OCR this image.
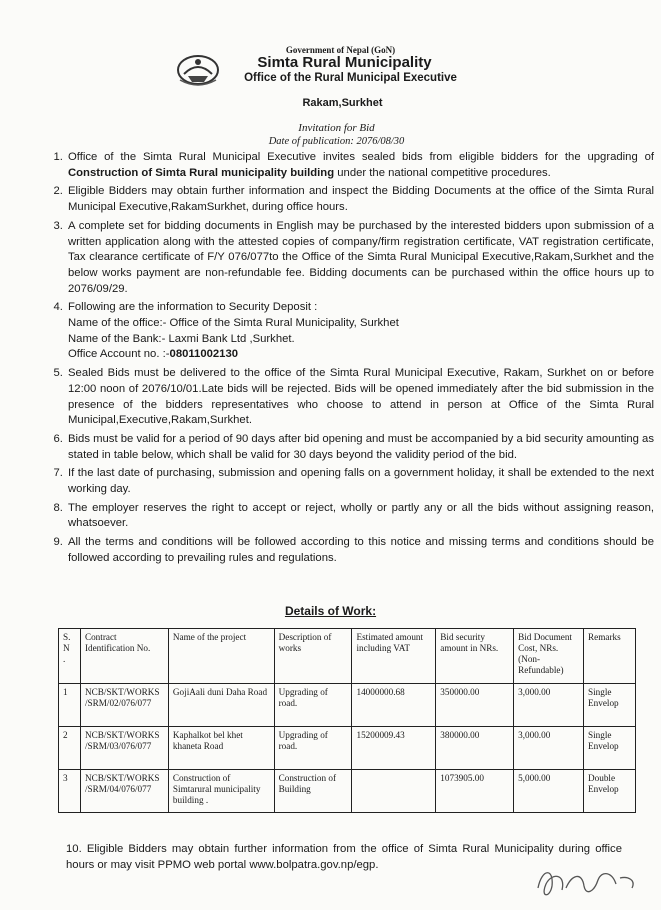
Government of Nepal (GoN)
Simta Rural Municipality
Office of the Rural Municipal Executive
Rakam,Surkhet
Invitation for Bid
Date of publication: 2076/08/30
1. Office of the Simta Rural Municipal Executive invites sealed bids from eligible bidders for the upgrading of Construction of Simta Rural municipality building under the national competitive procedures.
2. Eligible Bidders may obtain further information and inspect the Bidding Documents at the office of the Simta Rural Municipal Executive,RakamSurkhet, during office hours.
3. A complete set for bidding documents in English may be purchased by the interested bidders upon submission of a written application along with the attested copies of company/firm registration certificate, VAT registration certificate, Tax clearance certificate of F/Y 076/077to the Office of the Simta Rural Municipal Executive,Rakam,Surkhet and the below works payment are non-refundable fee. Bidding documents can be purchased within the office hours up to 2076/09/29.
4. Following are the information to Security Deposit :
Name of the office:- Office of the Simta Rural Municipality, Surkhet
Name of the Bank:- Laxmi Bank Ltd ,Surkhet.
Office Account no. :-08011002130
5. Sealed Bids must be delivered to the office of the Simta Rural Municipal Executive, Rakam, Surkhet on or before 12:00 noon of 2076/10/01.Late bids will be rejected. Bids will be opened immediately after the bid submission in the presence of the bidders representatives who choose to attend in person at Office of the Simta Rural Municipal,Executive,Rakam,Surkhet.
6. Bids must be valid for a period of 90 days after bid opening and must be accompanied by a bid security amounting as stated in table below, which shall be valid for 30 days beyond the validity period of the bid.
7. If the last date of purchasing, submission and opening falls on a government holiday, it shall be extended to the next working day.
8. The employer reserves the right to accept or reject, wholly or partly any or all the bids without assigning reason, whatsoever.
9. All the terms and conditions will be followed according to this notice and missing terms and conditions should be followed according to prevailing rules and regulations.
Details of Work:
S.
N
.	Contract Identification No.	Name of the project	Description of works	Estimated amount including VAT	Bid security amount in NRs.	Bid Document Cost, NRs. (Non-Refundable)	Remarks
1	NCB/SKT/WORKS /SRM/02/076/077	GojiAali duni Daha Road	Upgrading of road.	14000000.68	350000.00	3,000.00	Single Envelop
2	NCB/SKT/WORKS /SRM/03/076/077	Kaphalkot bel khet khaneta Road	Upgrading of road.	15200009.43	380000.00	3,000.00	Single Envelop
3	NCB/SKT/WORKS /SRM/04/076/077	Construction of Simtarural municipality building .	Construction of Building		1073905.00	5,000.00	Double Envelop
10. Eligible Bidders may obtain further information from the office of Simta Rural Municipality during office hours or may visit PPMO web portal www.bolpatra.gov.np/egp.
